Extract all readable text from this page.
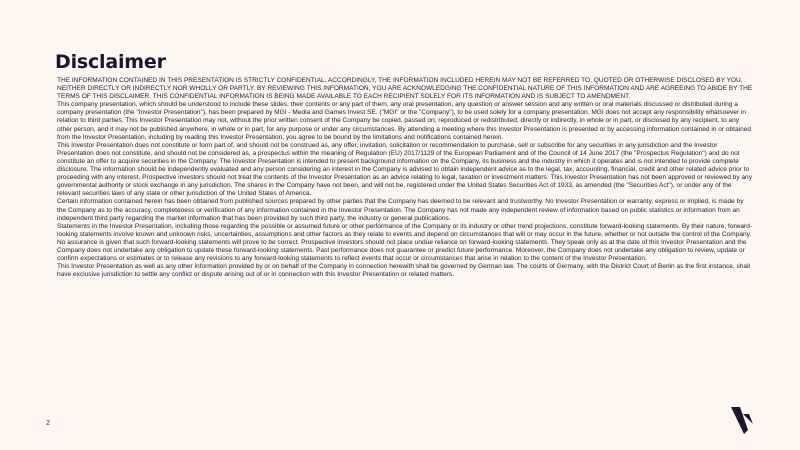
Disclaimer

THE INFORMATION CONTAINED IN THIS PRESENTATION IS STRICTLY CONFIDENTIAL. ACCORDINGLY, THE INFORMATION INCLUDED HEREIN MAY NOT BE REFERRED TO, QUOTED OR OTHERWISE DISCLOSED BY YOU, NEITHER DIRECTLY OR INDIRECTLY NOR WHOLLY OR PARTLY. BY REVIEWING THIS INFORMATION, YOU ARE ACKNOWLEDGING THE CONFIDENTIAL NATURE OF THIS INFORMATION AND ARE AGREEING TO ABIDE BY THE TERMS OF THIS DISCLAIMER. THIS CONFIDENTIAL INFORMATION IS BEING MADE AVAILABLE TO EACH RECIPIENT SOLELY FOR ITS INFORMATION AND IS SUBJECT TO AMENDMENT.

This company presentation, which should be understood to include these slides, their contents or any part of them, any oral presentation, any question or answer session and any written or oral materials discussed or distributed during a company presentation (the "Investor Presentation"), has been prepared by MGI - Media and Games Invest SE. ("MGI" or the "Company"), to be used solely for a company presentation. MGI does not accept any responsibility whatsoever in relation to third parties. This Investor Presentation may not, without the prior written consent of the Company be copied, passed on, reproduced or redistributed, directly or indirectly, in whole or in part, or disclosed by any recipient, to any other person, and it may not be published anywhere, in whole or in part, for any purpose or under any circumstances. By attending a meeting where this Investor Presentation is presented or by accessing information contained in or obtained from the Investor Presentation, including by reading this Investor Presentation, you agree to be bound by the limitations and notifications contained herein.

This Investor Presentation does not constitute or form part of, and should not be construed as, any offer, invitation, solicitation or recommendation to purchase, sell or subscribe for any securities in any jurisdiction and the Investor Presentation does not constitute, and should not be considered as, a prospectus within the meaning of Regulation (EU) 2017/1129 of the European Parliament and of the Council of 14 June 2017 (the "Prospectus Regulation") and do not constitute an offer to acquire securities in the Company. The Investor Presentation is intended to present background information on the Company, its business and the industry in which it operates and is not intended to provide complete disclosure. The information should be independently evaluated and any person considering an interest in the Company is advised to obtain independent advice as to the legal, tax, accounting, financial, credit and other related advice prior to proceeding with any interest. Prospective investors should not treat the contents of the Investor Presentation as an advice relating to legal, taxation or investment matters. This Investor Presentation has not been approved or reviewed by any governmental authority or stock exchange in any jurisdiction. The shares in the Company have not been, and will not be, registered under the United States Securities Act of 1933, as amended (the "Securities Act"), or under any of the relevant securities laws of any state or other jurisdiction of the United States of America.

Certain information contained herein has been obtained from published sources prepared by other parties that the Company has deemed to be relevant and trustworthy. No Investor Presentation or warranty, express or implied, is made by the Company as to the accuracy, completeness or verification of any information contained in the Investor Presentation. The Company has not made any independent review of information based on public statistics or information from an independent third party regarding the market information that has been provided by such third party, the industry or general publications.

Statements in the Investor Presentation, including those regarding the possible or assumed future or other performance of the Company or its industry or other trend projections, constitute forward-looking statements. By their nature, forward-looking statements involve known and unknown risks, uncertainties, assumptions and other factors as they relate to events and depend on circumstances that will or may occur in the future, whether or not outside the control of the Company. No assurance is given that such forward-looking statements will prove to be correct. Prospective investors should not place undue reliance on forward-looking statements. They speak only as at the date of this Investor Presentation and the Company does not undertake any obligation to update these forward-looking statements. Past performance does not guarantee or predict future performance. Moreover, the Company does not undertake any obligation to review, update or confirm expectations or estimates or to release any revisions to any forward-looking statements to reflect events that occur or circumstances that arise in relation to the content of the Investor Presentation.

This Investor Presentation as well as any other information provided by or on behalf of the Company in connection herewith shall be governed by German law. The courts of Germany, with the District Court of Berlin as the first instance, shall have exclusive jurisdiction to settle any conflict or dispute arising out of or in connection with this Investor Presentation or related matters.

2
